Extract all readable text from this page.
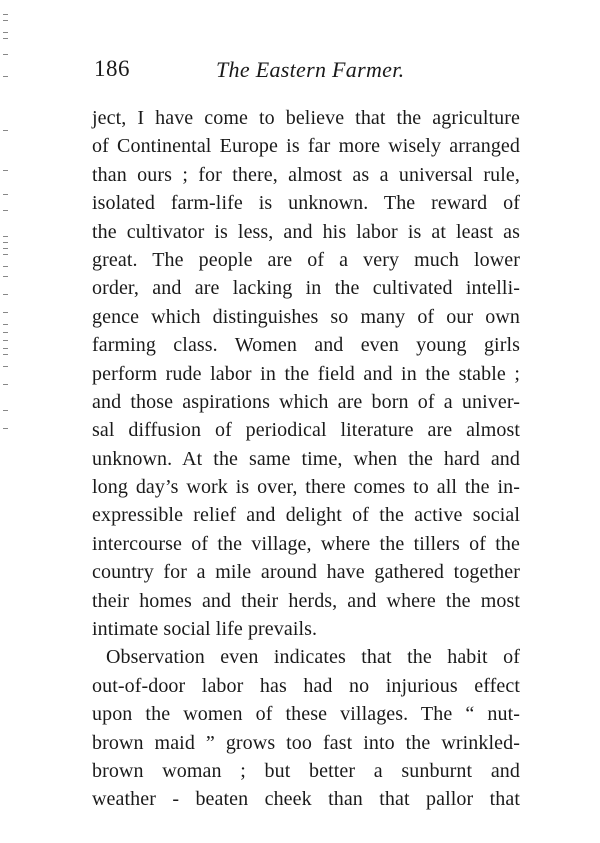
186	The Eastern Farmer.
ject, I have come to believe that the agriculture
of Continental Europe is far more wisely arranged
than ours ; for there, almost as a universal rule,
isolated farm-life is unknown. The reward of
the cultivator is less, and his labor is at least as
great. The people are of a very much lower
order, and are lacking in the cultivated intelli-
gence which distinguishes so many of our own
farming class. Women and even young girls
perform rude labor in the field and in the stable ;
and those aspirations which are born of a univer-
sal diffusion of periodical literature are almost
unknown. At the same time, when the hard and
long day’s work is over, there comes to all the in-
expressible relief and delight of the active social
intercourse of the village, where the tillers of the
country for a mile around have gathered together
their homes and their herds, and where the most
intimate social life prevails.
Observation even indicates that the habit of
out-of-door labor has had no injurious effect
upon the women of these villages. The “ nut-
brown maid ” grows too fast into the wrinkled-
brown woman ; but better a sunburnt and
weather - beaten cheek than that pallor that
